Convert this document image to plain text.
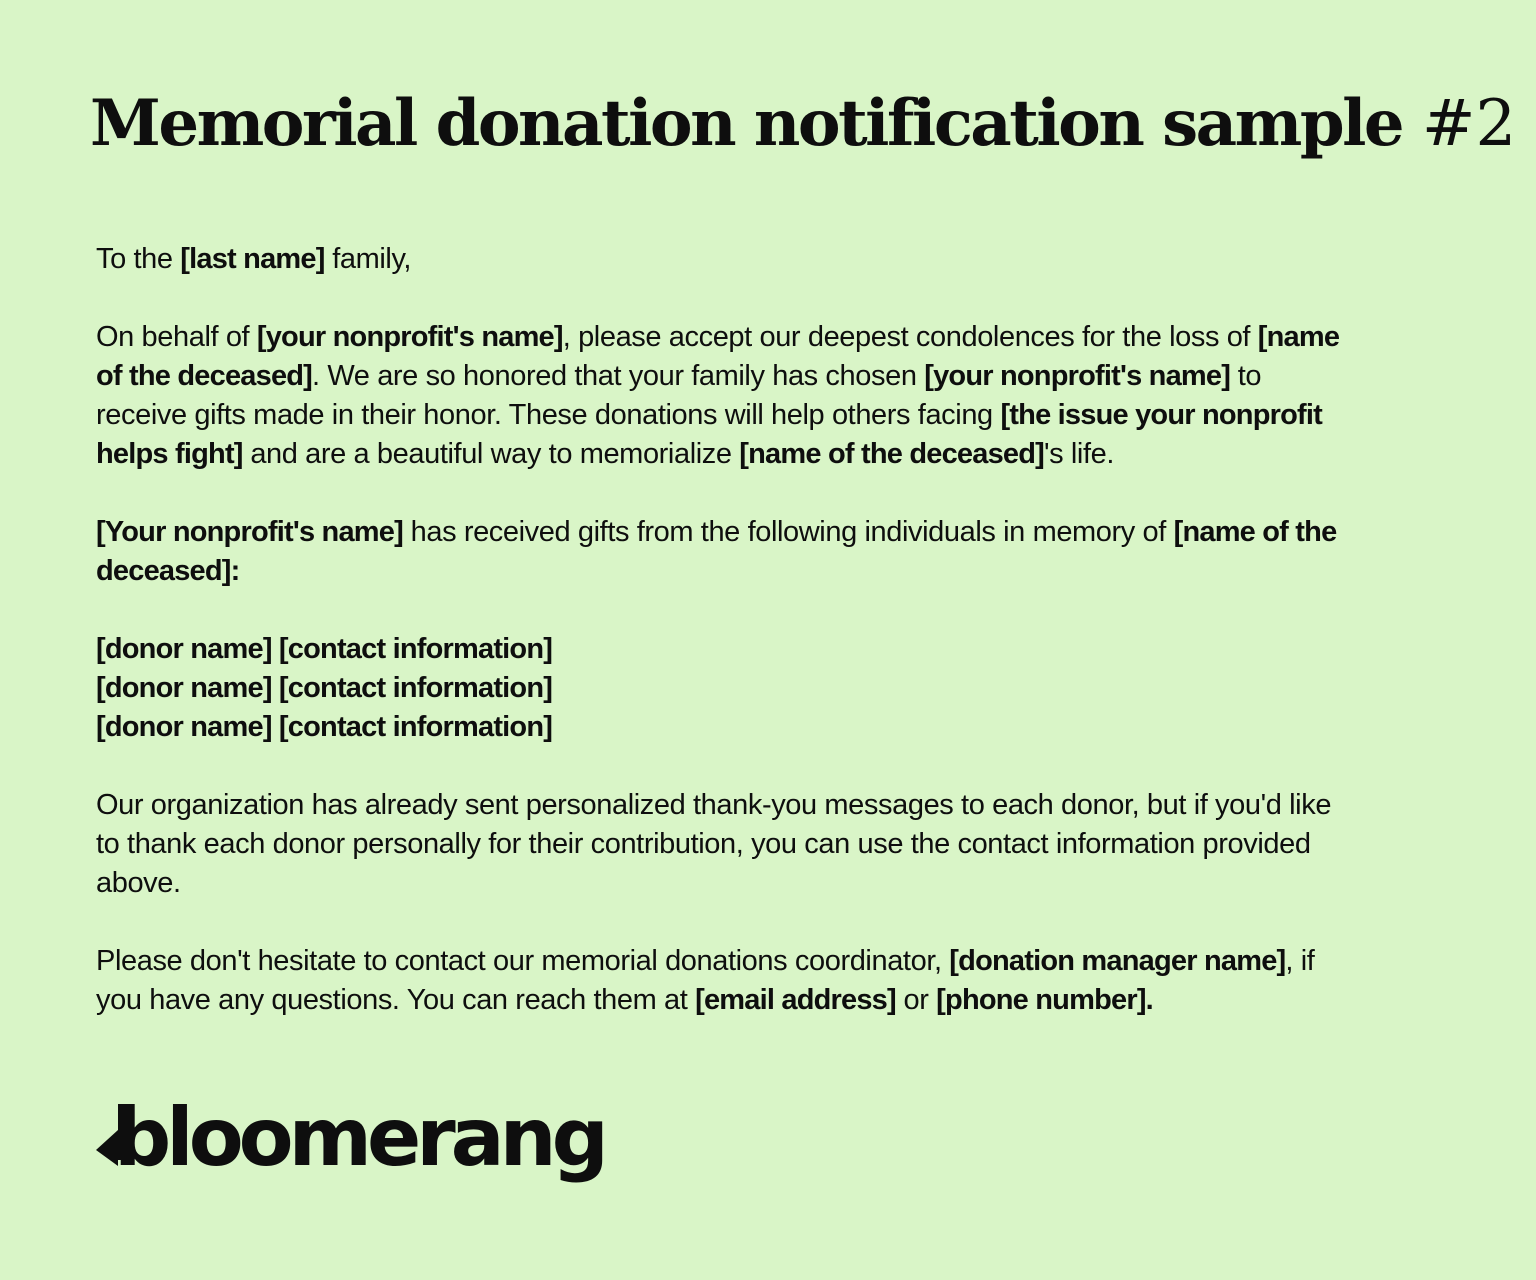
Memorial donation notification sample #2

To the [last name] family,

On behalf of [your nonprofit's name], please accept our deepest condolences for the loss of [name of the deceased]. We are so honored that your family has chosen [your nonprofit's name] to receive gifts made in their honor. These donations will help others facing [the issue your nonprofit helps fight] and are a beautiful way to memorialize [name of the deceased]'s life.

[Your nonprofit's name] has received gifts from the following individuals in memory of [name of the deceased]:

[donor name] [contact information]
[donor name] [contact information]
[donor name] [contact information]

Our organization has already sent personalized thank-you messages to each donor, but if you'd like to thank each donor personally for their contribution, you can use the contact information provided above.

Please don't hesitate to contact our memorial donations coordinator, [donation manager name], if you have any questions. You can reach them at [email address] or [phone number].

bloomerang
